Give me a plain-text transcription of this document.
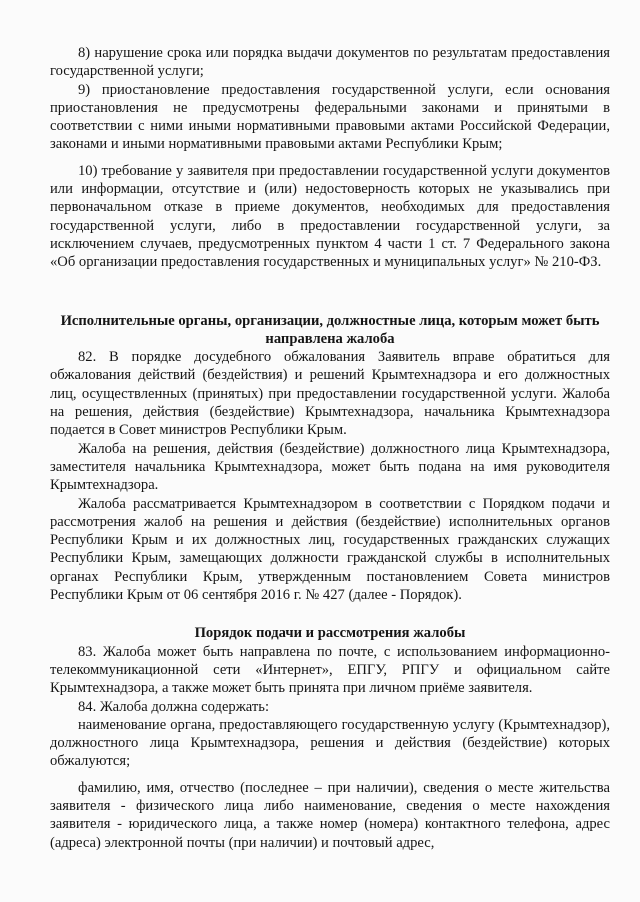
8) нарушение срока или порядка выдачи документов по результатам предоставления государственной услуги;

9) приостановление предоставления государственной услуги, если основания приостановления не предусмотрены федеральными законами и принятыми в соответствии с ними иными нормативными правовыми актами Российской Федерации, законами и иными нормативными правовыми актами Республики Крым;

10) требование у заявителя при предоставлении государственной услуги документов или информации, отсутствие и (или) недостоверность которых не указывались при первоначальном отказе в приеме документов, необходимых для предоставления государственной услуги, либо в предоставлении государственной услуги, за исключением случаев, предусмотренных пунктом 4 части 1 ст. 7 Федерального закона «Об организации предоставления государственных и муниципальных услуг» № 210-ФЗ.

Исполнительные органы, организации, должностные лица, которым может быть направлена жалоба

82. В порядке досудебного обжалования Заявитель вправе обратиться для обжалования действий (бездействия) и решений Крымтехнадзора и его должностных лиц, осуществленных (принятых) при предоставлении государственной услуги. Жалоба на решения, действия (бездействие) Крымтехнадзора, начальника Крымтехнадзора подается в Совет министров Республики Крым.

Жалоба на решения, действия (бездействие) должностного лица Крымтехнадзора, заместителя начальника Крымтехнадзора, может быть подана на имя руководителя Крымтехнадзора.

Жалоба рассматривается Крымтехнадзором в соответствии с Порядком подачи и рассмотрения жалоб на решения и действия (бездействие) исполнительных органов Республики Крым и их должностных лиц, государственных гражданских служащих Республики Крым, замещающих должности гражданской службы в исполнительных органах Республики Крым, утвержденным постановлением Совета министров Республики Крым от 06 сентября 2016 г. № 427 (далее - Порядок).

Порядок подачи и рассмотрения жалобы

83. Жалоба может быть направлена по почте, с использованием информационно-телекоммуникационной сети «Интернет», ЕПГУ, РПГУ и официальном сайте Крымтехнадзора, а также может быть принята при личном приёме заявителя.

84. Жалоба должна содержать:

наименование органа, предоставляющего государственную услугу (Крымтехнадзор), должностного лица Крымтехнадзора, решения и действия (бездействие) которых обжалуются;

фамилию, имя, отчество (последнее – при наличии), сведения о месте жительства заявителя - физического лица либо наименование, сведения о месте нахождения заявителя - юридического лица, а также номер (номера) контактного телефона, адрес (адреса) электронной почты (при наличии) и почтовый адрес,
